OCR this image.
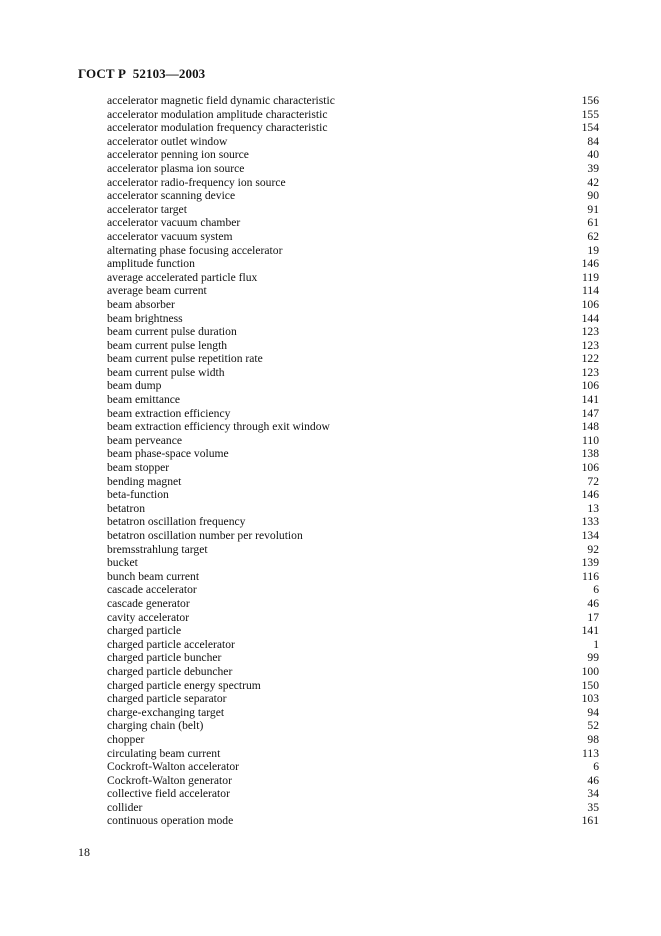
ГОСТ Р  52103—2003
accelerator magnetic field dynamic characteristic	156
accelerator modulation amplitude characteristic	155
accelerator modulation frequency characteristic	154
accelerator outlet window	84
accelerator penning ion source	40
accelerator plasma ion source	39
accelerator radio-frequency ion source	42
accelerator scanning device	90
accelerator target	91
accelerator vacuum chamber	61
accelerator vacuum system	62
alternating phase focusing accelerator	19
amplitude function	146
average accelerated particle flux	119
average beam current	114
beam absorber	106
beam brightness	144
beam current pulse duration	123
beam current pulse length	123
beam current pulse repetition rate	122
beam current pulse width	123
beam dump	106
beam emittance	141
beam extraction efficiency	147
beam extraction efficiency through exit window	148
beam perveance	110
beam phase-space volume	138
beam stopper	106
bending magnet	72
beta-function	146
betatron	13
betatron oscillation frequency	133
betatron oscillation number per revolution	134
bremsstrahlung target	92
bucket	139
bunch beam current	116
cascade accelerator	6
cascade generator	46
cavity accelerator	17
charged particle	141
charged particle accelerator	1
charged particle buncher	99
charged particle debuncher	100
charged particle energy spectrum	150
charged particle separator	103
charge-exchanging target	94
charging chain (belt)	52
chopper	98
circulating beam current	113
Cockroft-Walton accelerator	6
Cockroft-Walton generator	46
collective field accelerator	34
collider	35
continuous operation mode	161
18
